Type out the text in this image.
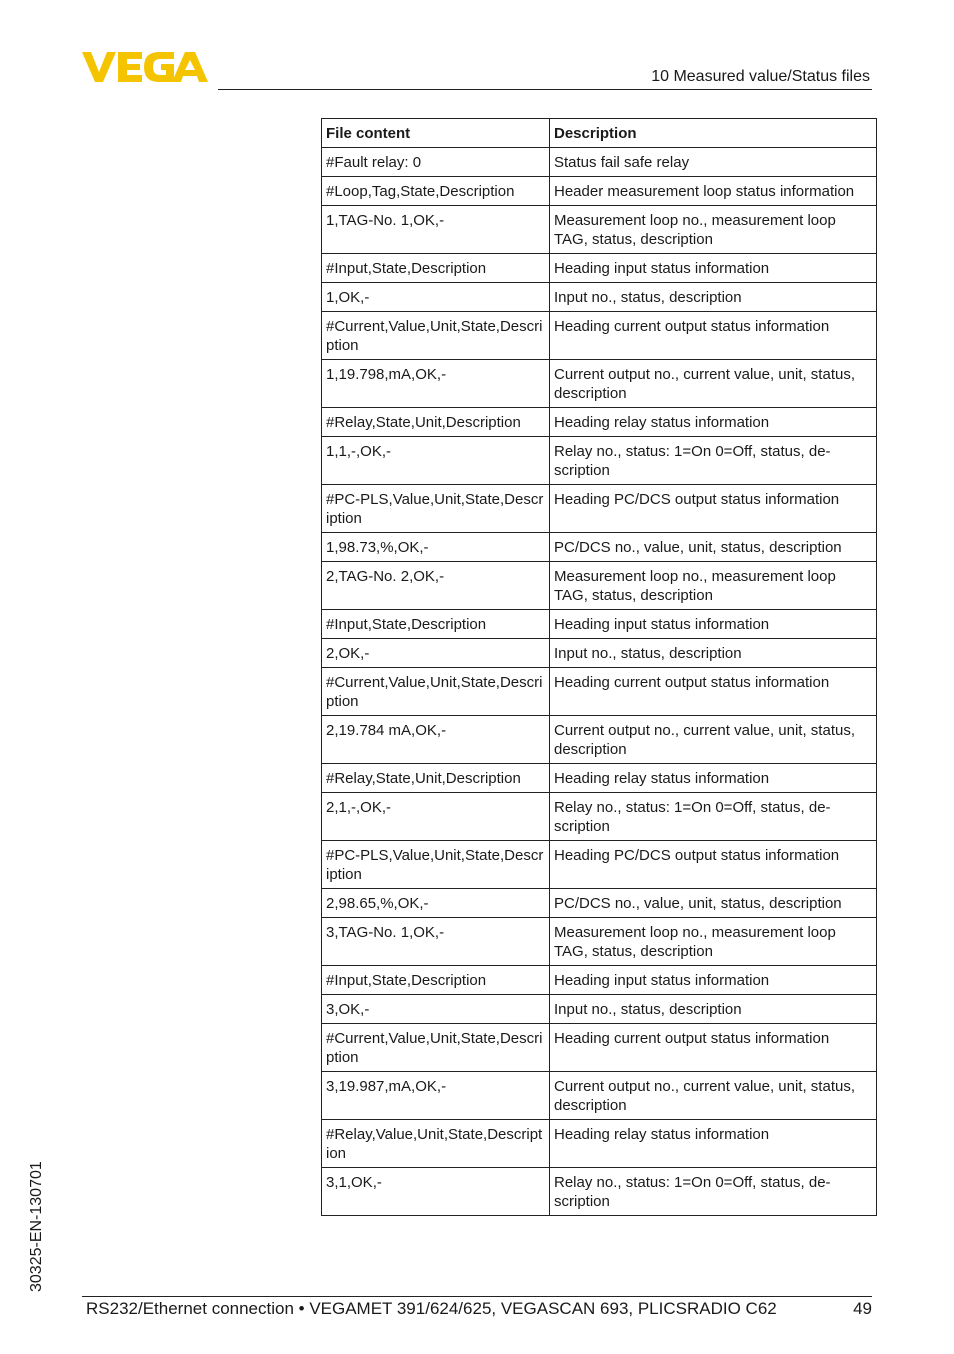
10 Measured value/Status files
File content	Description
#Fault relay: 0	Status fail safe relay
#Loop,Tag,State,Description	Header measurement loop status information
1,TAG-No. 1,OK,-	Measurement loop no., measurement loop TAG, status, description
#Input,State,Description	Heading input status information
1,OK,-	Input no., status, description
#Current,Value,Unit,State,Description	Heading current output status information
1,19.798,mA,OK,-	Current output no., current value, unit, status, description
#Relay,State,Unit,Description	Heading relay status information
1,1,-,OK,-	Relay no., status: 1=On 0=Off, status, de-scription
#PC-PLS,Value,Unit,State,Description	Heading PC/DCS output status information
1,98.73,%,OK,-	PC/DCS no., value, unit, status, description
2,TAG-No. 2,OK,-	Measurement loop no., measurement loop TAG, status, description
#Input,State,Description	Heading input status information
2,OK,-	Input no., status, description
#Current,Value,Unit,State,Description	Heading current output status information
2,19.784 mA,OK,-	Current output no., current value, unit, status, description
#Relay,State,Unit,Description	Heading relay status information
2,1,-,OK,-	Relay no., status: 1=On 0=Off, status, de-scription
#PC-PLS,Value,Unit,State,Description	Heading PC/DCS output status information
2,98.65,%,OK,-	PC/DCS no., value, unit, status, description
3,TAG-No. 1,OK,-	Measurement loop no., measurement loop TAG, status, description
#Input,State,Description	Heading input status information
3,OK,-	Input no., status, description
#Current,Value,Unit,State,Description	Heading current output status information
3,19.987,mA,OK,-	Current output no., current value, unit, status, description
#Relay,Value,Unit,State,Description	Heading relay status information
3,1,OK,-	Relay no., status: 1=On 0=Off, status, de-scription
30325-EN-130701
RS232/Ethernet connection • VEGAMET 391/624/625, VEGASCAN 693, PLICSRADIO C62	49
